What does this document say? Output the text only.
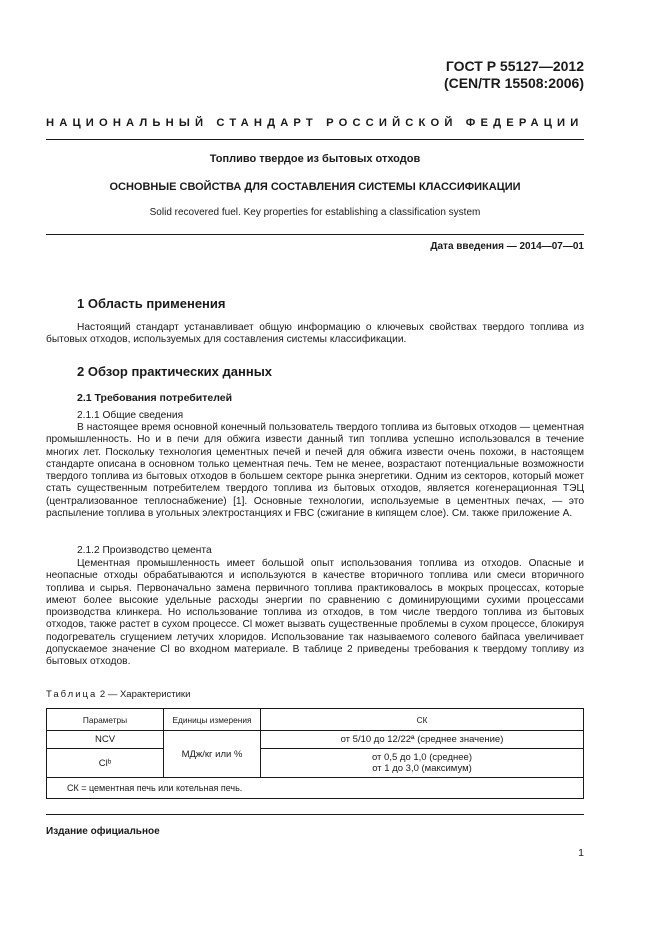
ГОСТ Р 55127—2012
(CEN/TR 15508:2006)
НАЦИОНАЛЬНЫЙ СТАНДАРТ РОССИЙСКОЙ ФЕДЕРАЦИИ
Топливо твердое из бытовых отходов
ОСНОВНЫЕ СВОЙСТВА ДЛЯ СОСТАВЛЕНИЯ СИСТЕМЫ КЛАССИФИКАЦИИ
Solid recovered fuel. Key properties for establishing a classification system
Дата введения — 2014—07—01
1 Область применения

Настоящий стандарт устанавливает общую информацию о ключевых свойствах твердого топлива из бытовых отходов, используемых для составления системы классификации.

2 Обзор практических данных
2.1 Требования потребителей
2.1.1 Общие сведения

В настоящее время основной конечный пользователь твердого топлива из бытовых отходов — цементная промышленность. Но и в печи для обжига извести данный тип топлива успешно использовался в течение многих лет. Поскольку технология цементных печей и печей для обжига извести очень похожи, в настоящем стандарте описана в основном только цементная печь. Тем не менее, возрастают потенциальные возможности твердого топлива из бытовых отходов в большем секторе рынка энергетики. Одним из секторов, который может стать существенным потребителем твердого топлива из бытовых отходов, является когенерационная ТЭЦ (централизованное теплоснабжение) [1]. Основные технологии, используемые в цементных печах, — это распыление топлива в угольных электростанциях и FBC (сжигание в кипящем слое). См. также приложение А.

2.1.2 Производство цемента

Цементная промышленность имеет большой опыт использования топлива из отходов. Опасные и неопасные отходы обрабатываются и используются в качестве вторичного топлива или смеси вторичного топлива и сырья. Первоначально замена первичного топлива практиковалось в мокрых процессах, которые имеют более высокие удельные расходы энергии по сравнению с доминирующими сухими процессами производства клинкера. Но использование топлива из отходов, в том числе твердого топлива из бытовых отходов, также растет в сухом процессе. Cl может вызвать существенные проблемы в сухом процессе, блокируя подогреватель сгущением летучих хлоридов. Использование так называемого солевого байпаса увеличивает допускаемое значение Cl во входном материале. В таблице 2 приведены требования к твердому топливу из бытовых отходов.

Таблица 2 — Характеристики
Параметры	Единицы измерения	СК
NCV	МДж/кг или %	от 5/10 до 12/22ª (среднее значение)
Clᵇ		от 0,5 до 1,0 (среднее)
от 1 до 3,0 (максимум)

СК = цементная печь или котельная печь.		
Издание официальное
1
